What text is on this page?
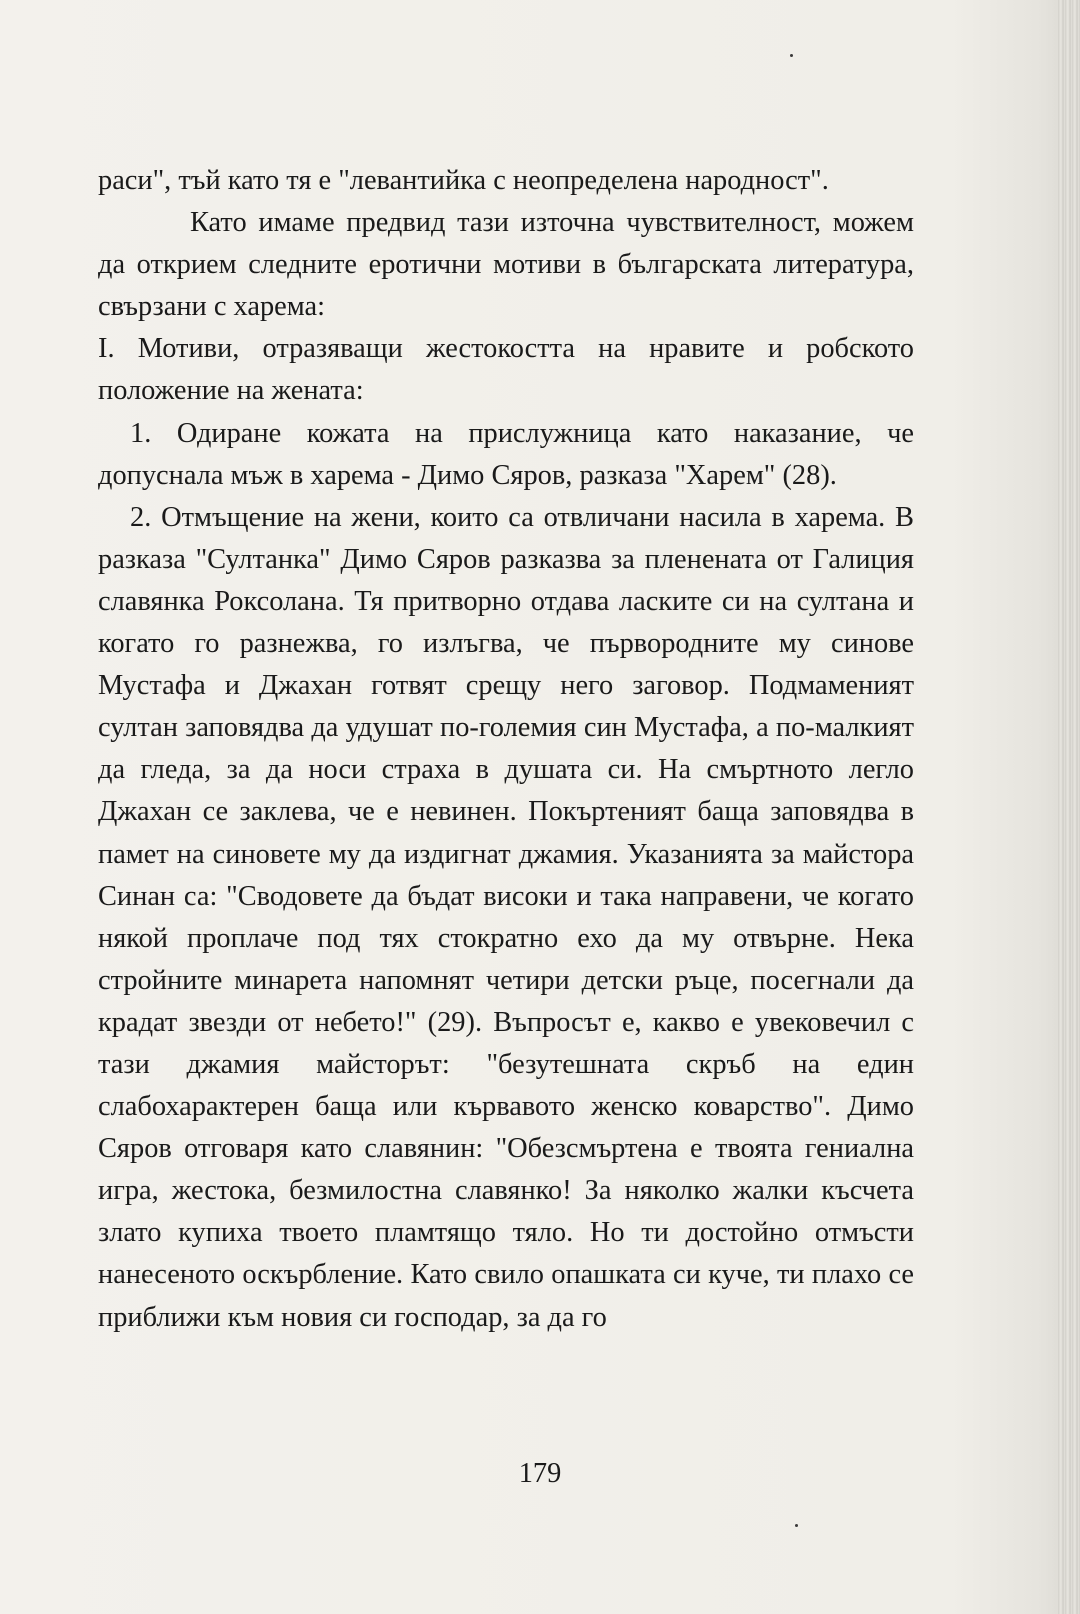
раси", тъй като тя е "левантийка с неопределена народност".

Като имаме предвид тази източна чувствителност, можем да открием следните еротични мотиви в българската литература, свързани с харема:

І. Мотиви, отразяващи жестокостта на нравите и робското положение на жената:

1. Одиране кожата на прислужница като наказание, че допуснала мъж в харема - Димо Сяров, разказа "Харем" (28).

2. Отмъщение на жени, които са отвличани насила в харема. В разказа "Султанка" Димо Сяров разказва за пленената от Галиция славянка Роксолана. Тя притворно отдава ласките си на султана и когато го разнежва, го излъгва, че първородните му синове Мустафа и Джахан готвят срещу него заговор. Подмаменият султан заповядва да удушат по-големия син Мустафа, а по-малкият да гледа, за да носи страха в душата си. На смъртното легло Джахан се заклева, че е невинен. Покъртеният баща заповядва в памет на синовете му да издигнат джамия. Указанията за майстора Синан са: "Сводовете да бъдат високи и така направени, че когато някой проплаче под тях стократно ехо да му отвърне. Нека стройните минарета напомнят четири детски ръце, посегнали да крадат звезди от небето!" (29). Въпросът е, какво е увековечил с тази джамия майсторът: "безутешната скръб на един слабохарактерен баща или кървавото женско коварство". Димо Сяров отговаря като славянин: "Обезсмъртена е твоята гениална игра, жестока, безмилостна славянко! За няколко жалки късчета злато купиха твоето пламтящо тяло. Но ти достойно отмъсти нанесеното оскърбление. Като свило опашката си куче, ти плахо се приближи към новия си господар, за да го

179
